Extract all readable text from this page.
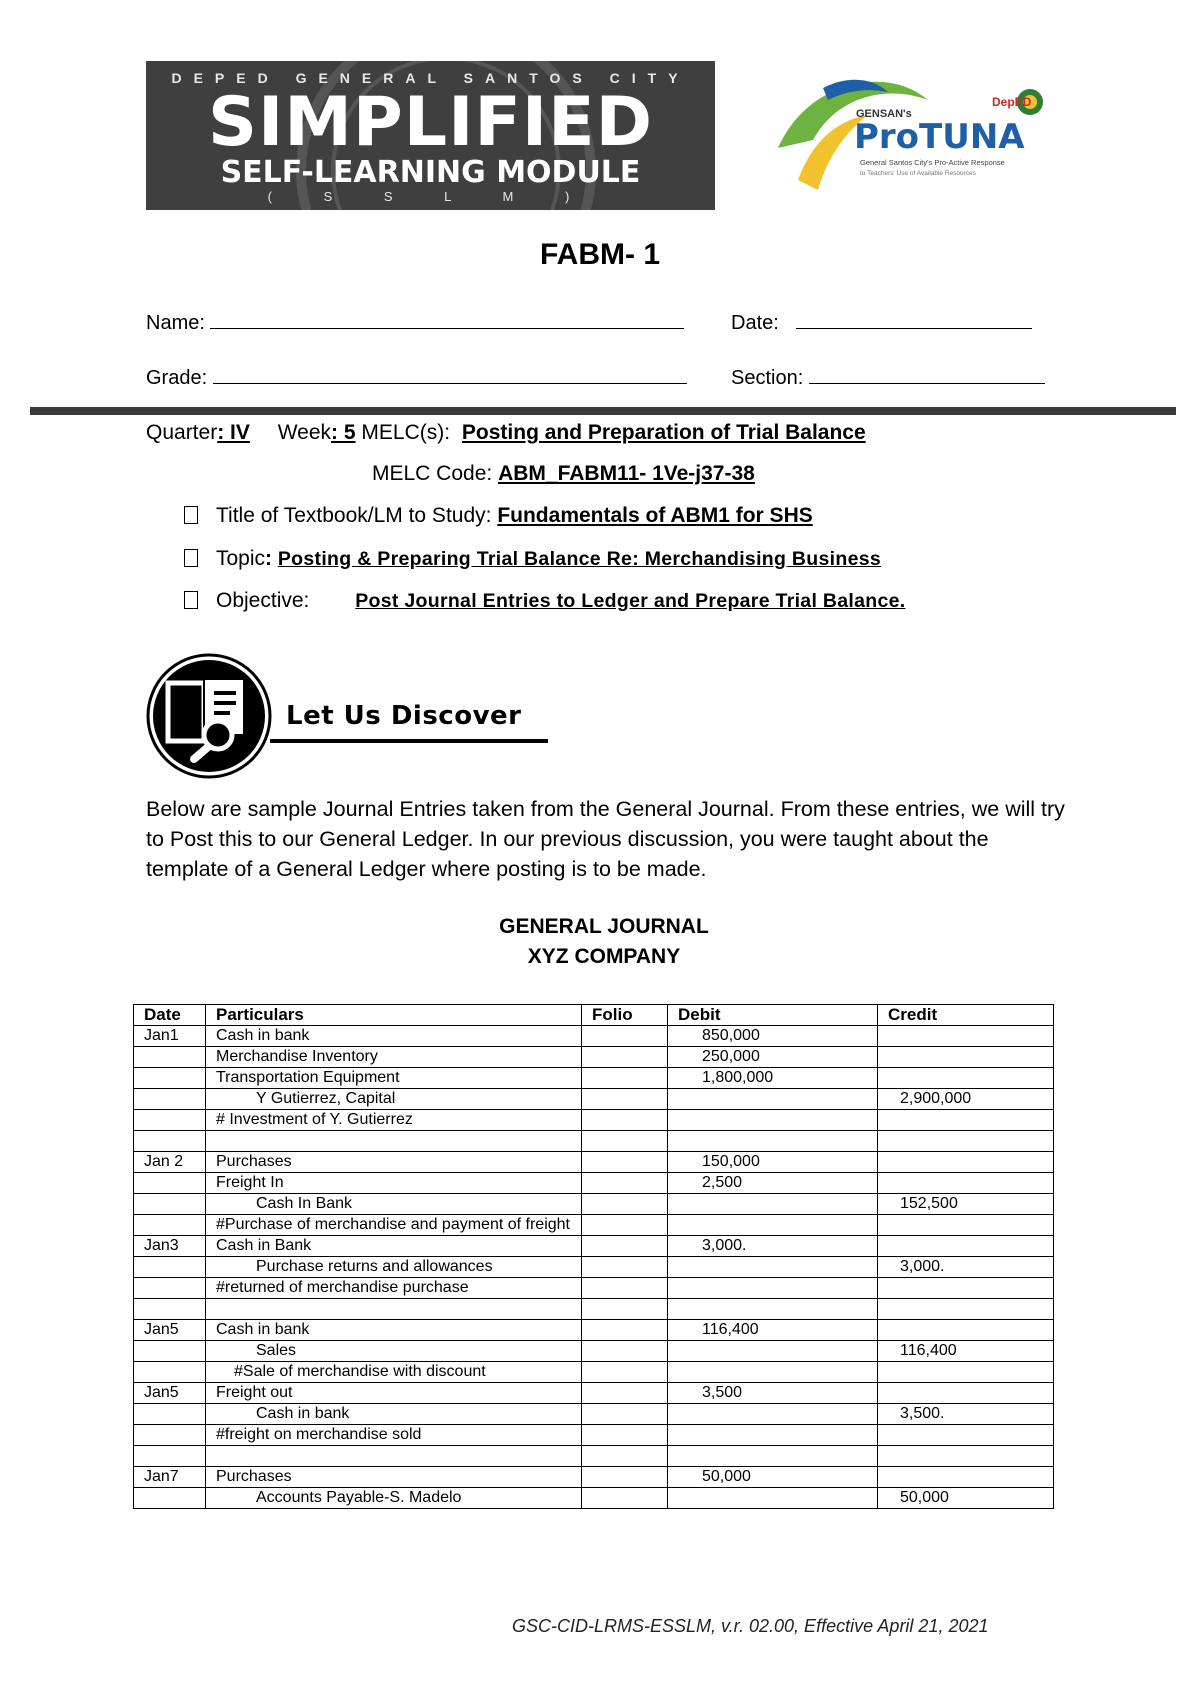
DEPED GENERAL SANTOS CITY
SIMPLIFIED
SELF-LEARNING MODULE
( S S L M )
DepED
GENSAN's
ProTUNA
General Santos City's Pro-Active Response
to Teachers' Use of Available Resources
FABM- 1
Name:	Date:
Grade:	Section:
Quarter: IV Week: 5 MELC(s): Posting and Preparation of Trial Balance
MELC Code: ABM_FABM11- 1Ve-j37-38
Title of Textbook/LM to Study: Fundamentals of ABM1 for SHS
Topic: Posting & Preparing Trial Balance Re: Merchandising Business
Objective: Post Journal Entries to Ledger and Prepare Trial Balance.
Let Us Discover
Below are sample Journal Entries taken from the General Journal. From these entries, we will try to Post this to our General Ledger. In our previous discussion, you were taught about the template of a General Ledger where posting is to be made.
GENERAL JOURNAL
XYZ COMPANY
Date	Particulars	Folio	Debit	Credit
Jan1	Cash in bank		850,000	
	Merchandise Inventory		250,000	
	Transportation Equipment		1,800,000	
	Y Gutierrez, Capital			2,900,000
	# Investment of Y. Gutierrez			

Jan 2	Purchases		150,000	
	Freight In		2,500	
	Cash In Bank			152,500
	#Purchase of merchandise and payment of freight			
Jan3	Cash in Bank		3,000.	
	Purchase returns and allowances			3,000.
	#returned of merchandise purchase			

Jan5	Cash in bank		116,400	
	Sales			116,400
	#Sale of merchandise with discount			
Jan5	Freight out		3,500	
	Cash in bank			3,500.
	#freight on merchandise sold			

Jan7	Purchases		50,000	
	Accounts Payable-S. Madelo			50,000
GSC-CID-LRMS-ESSLM, v.r. 02.00, Effective April 21, 2021
